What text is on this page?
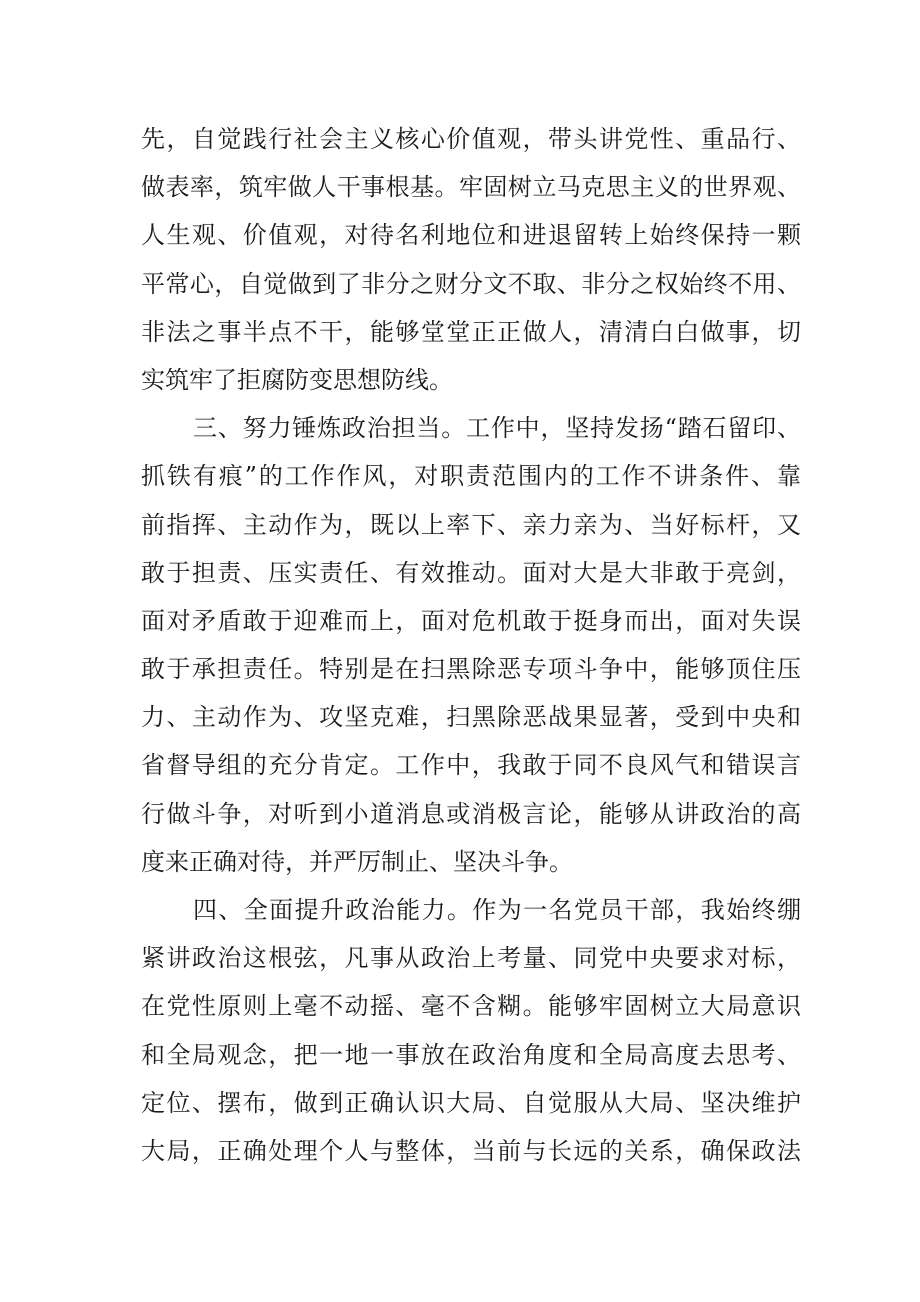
先，自觉践行社会主义核心价值观，带头讲党性、重品行、
做表率，筑牢做人干事根基。牢固树立马克思主义的世界观、
人生观、价值观，对待名利地位和进退留转上始终保持一颗
平常心，自觉做到了非分之财分文不取、非分之权始终不用、
非法之事半点不干，能够堂堂正正做人，清清白白做事，切
实筑牢了拒腐防变思想防线。
三、努力锤炼政治担当。工作中，坚持发扬“踏石留印、
抓铁有痕”的工作作风，对职责范围内的工作不讲条件、靠
前指挥、主动作为，既以上率下、亲力亲为、当好标杆，又
敢于担责、压实责任、有效推动。面对大是大非敢于亮剑，
面对矛盾敢于迎难而上，面对危机敢于挺身而出，面对失误
敢于承担责任。特别是在扫黑除恶专项斗争中，能够顶住压
力、主动作为、攻坚克难，扫黑除恶战果显著，受到中央和
省督导组的充分肯定。工作中，我敢于同不良风气和错误言
行做斗争，对听到小道消息或消极言论，能够从讲政治的高
度来正确对待，并严厉制止、坚决斗争。
四、全面提升政治能力。作为一名党员干部，我始终绷
紧讲政治这根弦，凡事从政治上考量、同党中央要求对标，
在党性原则上毫不动摇、毫不含糊。能够牢固树立大局意识
和全局观念，把一地一事放在政治角度和全局高度去思考、
定位、摆布，做到正确认识大局、自觉服从大局、坚决维护
大局，正确处理个人与整体，当前与长远的关系，确保政法
